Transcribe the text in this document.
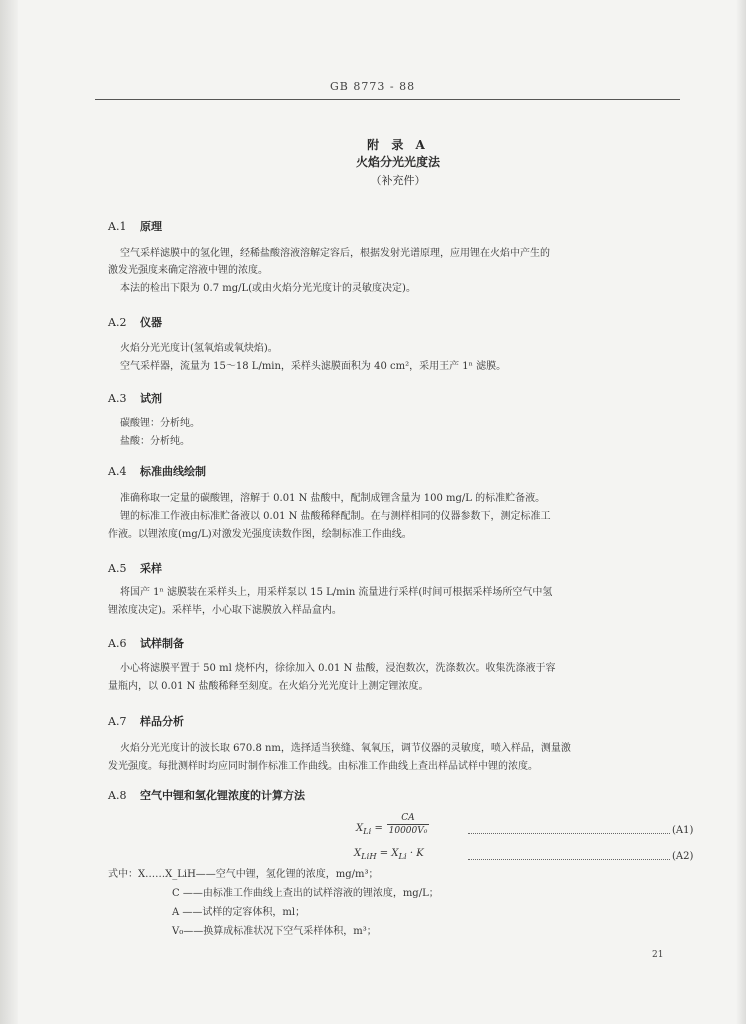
GB 8773 - 88
附 录 A
火焰分光光度法
（补充件）
A.1 原理
空气采样滤膜中的氢化锂，经稀盐酸溶液溶解定容后，根据发射光谱原理，应用锂在火焰中产生的
激发光强度来确定溶液中锂的浓度。
本法的检出下限为 0.7 mg/L(或由火焰分光光度计的灵敏度决定)。
A.2 仪器
火焰分光光度计(氢氧焰或氧炔焰)。
空气采样器，流量为 15～18 L/min，采样头滤膜面积为 40 cm²，采用王产 1ⁿ 滤膜。
A.3 试剂
碳酸锂：分析纯。
盐酸：分析纯。
A.4 标准曲线绘制
准确称取一定量的碳酸锂，溶解于 0.01 N 盐酸中，配制成锂含量为 100 mg/L 的标准贮备液。
锂的标准工作液由标准贮备液以 0.01 N 盐酸稀释配制。在与测样相同的仪器参数下，测定标准工
作液。以锂浓度(mg/L)对激发光强度读数作图，绘制标准工作曲线。
A.5 采样
将国产 1ⁿ 滤膜装在采样头上，用采样泵以 15 L/min 流量进行采样(时间可根据采样场所空气中氢
锂浓度决定)。采样毕，小心取下滤膜放入样品盒内。
A.6 试样制备
小心将滤膜平置于 50 ml 烧杯内，徐徐加入 0.01 N 盐酸，浸泡数次，洗涤数次。收集洗涤液于容
量瓶内，以 0.01 N 盐酸稀释至刻度。在火焰分光光度计上测定锂浓度。
A.7 样品分析
火焰分光光度计的波长取 670.8 nm，选择适当狭缝、氧氧压，调节仪器的灵敏度，喷入样品，测量激
发光强度。每批测样时均应同时制作标准工作曲线。由标准工作曲线上查出样品试样中锂的浓度。
A.8 空气中锂和氢化锂浓度的计算方法
$X_{Li}$ =
CA
10000V₀	(A1)
$X_{LiH} = X_{Li} \cdot K$	(A2)
式中：X……X_LiH——空气中锂，氢化锂的浓度，mg/m³；
C ——由标准工作曲线上查出的试样溶液的锂浓度，mg/L；
A ——试样的定容体积，ml；
V₀——换算成标准状况下空气采样体积，m³；
21
